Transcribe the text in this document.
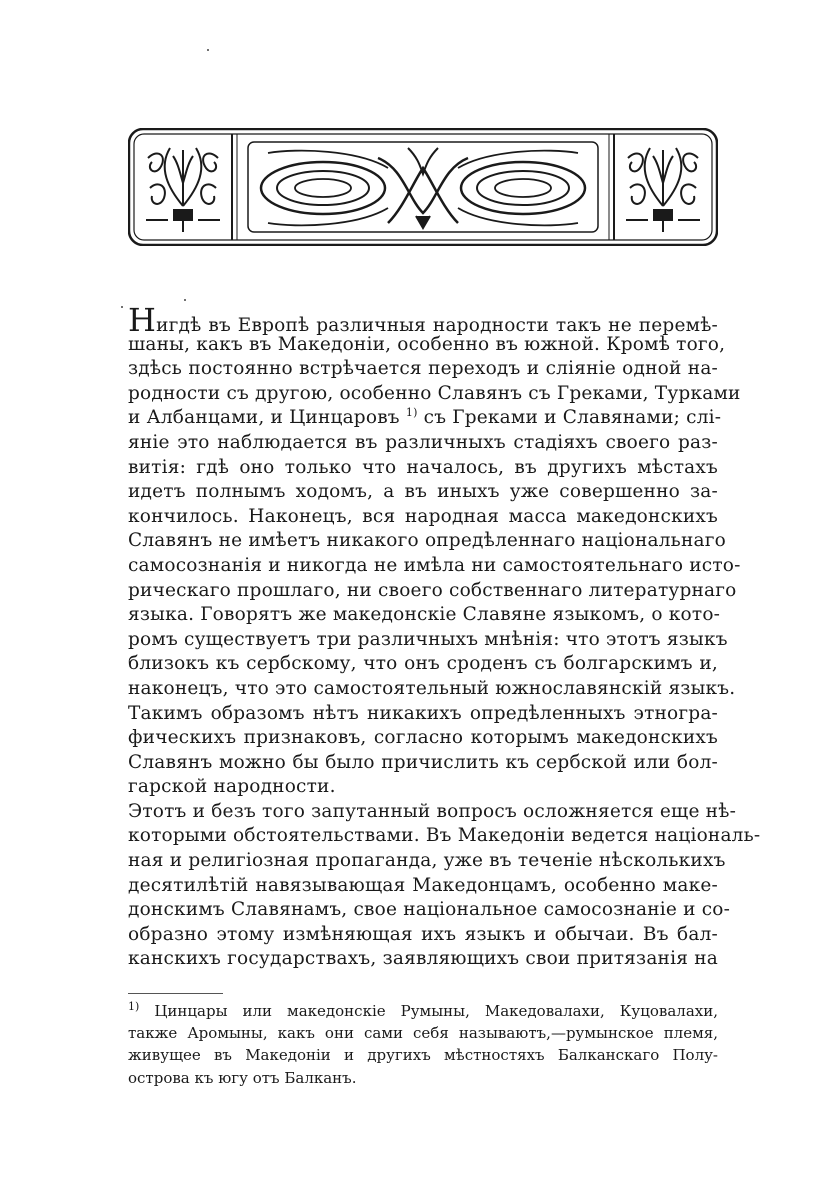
Нигдѣ въ Европѣ различныя народности такъ не перемѣ-
шаны, какъ въ Македоніи, особенно въ южной. Кромѣ того,
здѣсь постоянно встрѣчается переходъ и сліяніе одной на-
родности съ другою, особенно Славянъ съ Греками, Турками
и Албанцами, и Цинцаровъ $^{1)}$ съ Греками и Славянами; слі-
яніе это наблюдается въ различныхъ стадіяхъ своего раз-
витія: гдѣ оно только что началось, въ другихъ мѣстахъ
идетъ полнымъ ходомъ, а въ иныхъ уже совершенно за-
кончилось. Наконецъ, вся народная масса македонскихъ
Славянъ не имѣетъ никакого опредѣленнаго національнаго
самосознанія и никогда не имѣла ни самостоятельнаго исто-
рическаго прошлаго, ни своего собственнаго литературнаго
языка. Говорятъ же македонскіе Славяне языкомъ, о кото-
ромъ существуетъ три различныхъ мнѣнія: что этотъ языкъ
близокъ къ сербскому, что онъ сроденъ съ болгарскимъ и,
наконецъ, что это самостоятельный южнославянскій языкъ.
Такимъ образомъ нѣтъ никакихъ опредѣленныхъ этногра-
фическихъ признаковъ, согласно которымъ македонскихъ
Славянъ можно бы было причислить къ сербской или бол-
гарской народности.
Этотъ и безъ того запутанный вопросъ осложняется еще нѣ-
которыми обстоятельствами. Въ Македоніи ведется національ-
ная и религіозная пропаганда, уже въ теченіе нѣсколькихъ
десятилѣтій навязывающая Македонцамъ, особенно маке-
донскимъ Славянамъ, свое національное самосознаніе и со-
образно этому измѣняющая ихъ языкъ и обычаи. Въ бал-
канскихъ государствахъ, заявляющихъ свои притязанія на
$^{1)}$ Цинцары или македонскіе Румыны, Македовалахи, Куцовалахи,
также Аромыны, какъ они сами себя называютъ,—румынское племя,
живущее въ Македоніи и другихъ мѣстностяхъ Балканскаго Полу-
острова къ югу отъ Балканъ.
